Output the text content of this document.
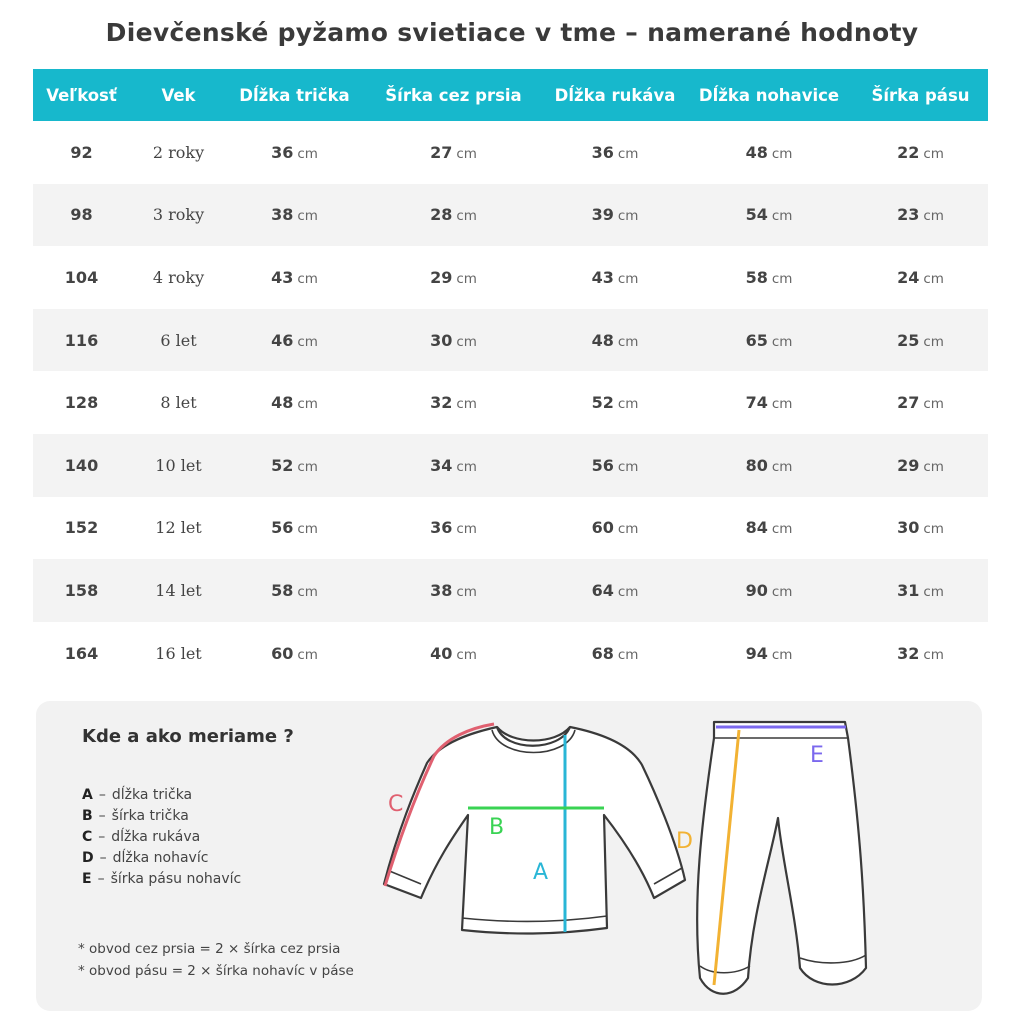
Dievčenské pyžamo svietiace v tme – namerané hodnoty
Veľkosť	Vek	Dĺžka trička	Šírka cez prsia	Dĺžka rukáva	Dĺžka nohavice	Šírka pásu
92	2 roky	36 cm	27 cm	36 cm	48 cm	22 cm
98	3 roky	38 cm	28 cm	39 cm	54 cm	23 cm
104	4 roky	43 cm	29 cm	43 cm	58 cm	24 cm
116	6 let	46 cm	30 cm	48 cm	65 cm	25 cm
128	8 let	48 cm	32 cm	52 cm	74 cm	27 cm
140	10 let	52 cm	34 cm	56 cm	80 cm	29 cm
152	12 let	56 cm	36 cm	60 cm	84 cm	30 cm
158	14 let	58 cm	38 cm	64 cm	90 cm	31 cm
164	16 let	60 cm	40 cm	68 cm	94 cm	32 cm
Kde a ako meriame ?
A – dĺžka trička
B – šírka trička
C – dĺžka rukáva
D – dĺžka nohavíc
E – šírka pásu nohavíc

* obvod cez prsia = 2 × šírka cez prsia

* obvod pásu = 2 × šírka nohavíc v páse

A
B
C
D
E
